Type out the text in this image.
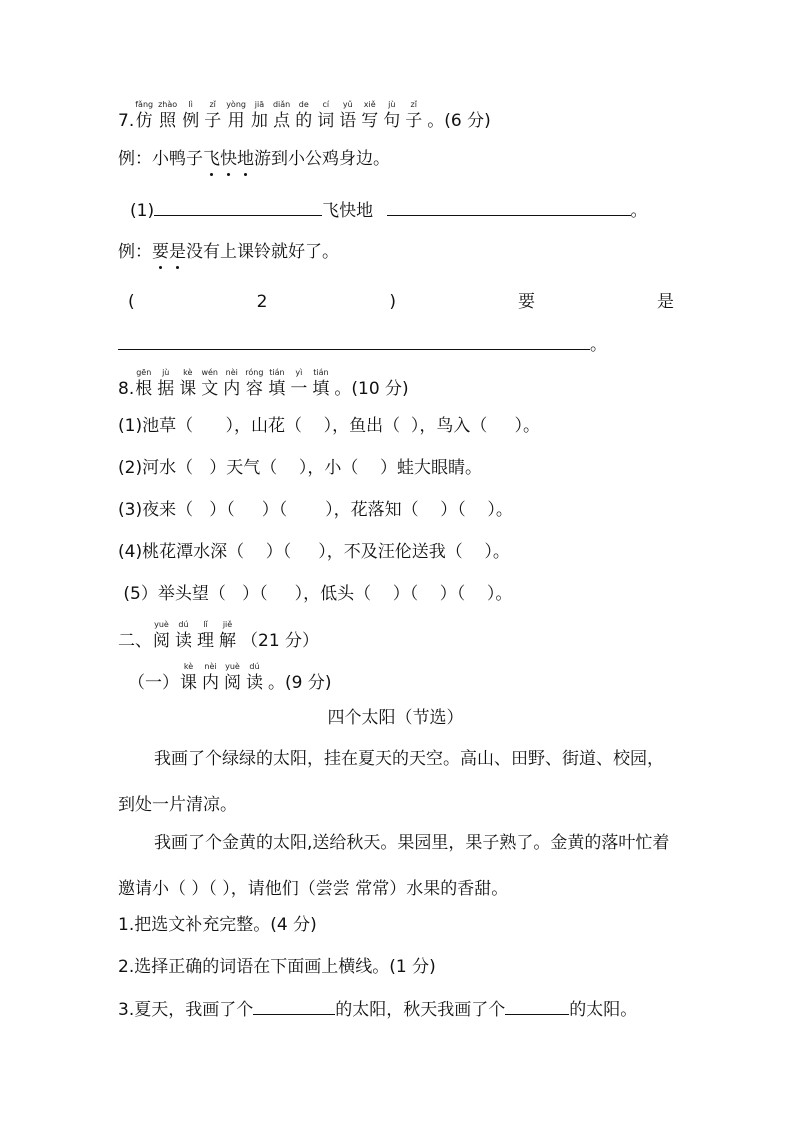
7.
fǎng
仿
zhào
照
lì
例
zǐ
子
yòng
用
jiā
加
diǎn
点
de
的
cí
词
yǔ
语
xiě
写
jù
句
zǐ
子 。(6 分)
例：小鸭子飞快地游到小公鸡身边。
(1)	飞快地	。
例：要是没有上课铃就好了。
(	2	)	要	是
。
8.
gēn
根
jù
据
kè
课
wén
文
nèi
内
róng
容
tián
填
yì
一
tián
填 。(10 分)
(1)池草（      ），山花（    ），鱼出（  ），鸟入（     ）。
(2)河水（   ）天气（    ），小（    ）蛙大眼睛。
(3)夜来（   ）（     ）（       ），花落知（    ）（    ）。
(4)桃花潭水深（    ）（     ），不及汪伦送我（    ）。
(5）举头望（   ）（     ），低头（    ）（    ）（    ）。
二、
yuè
阅
dú
读
lǐ
理
jiě
解 （21 分）
（一）
kè
课
nèi
内
yuè
阅
dú
读 。(9 分)
四个太阳（节选）
我画了个绿绿的太阳，挂在夏天的天空。高山、田野、街道、校园，到处一片清凉。
我画了个金黄的太阳,送给秋天。果园里，果子熟了。金黄的落叶忙着邀请小（ ）（ ），请他们（尝尝 常常）水果的香甜。
1.把选文补充完整。(4 分)
2.选择正确的词语在下面画上横线。(1 分)
3.夏天，我画了个	的太阳，秋天我画了个	的太阳。
